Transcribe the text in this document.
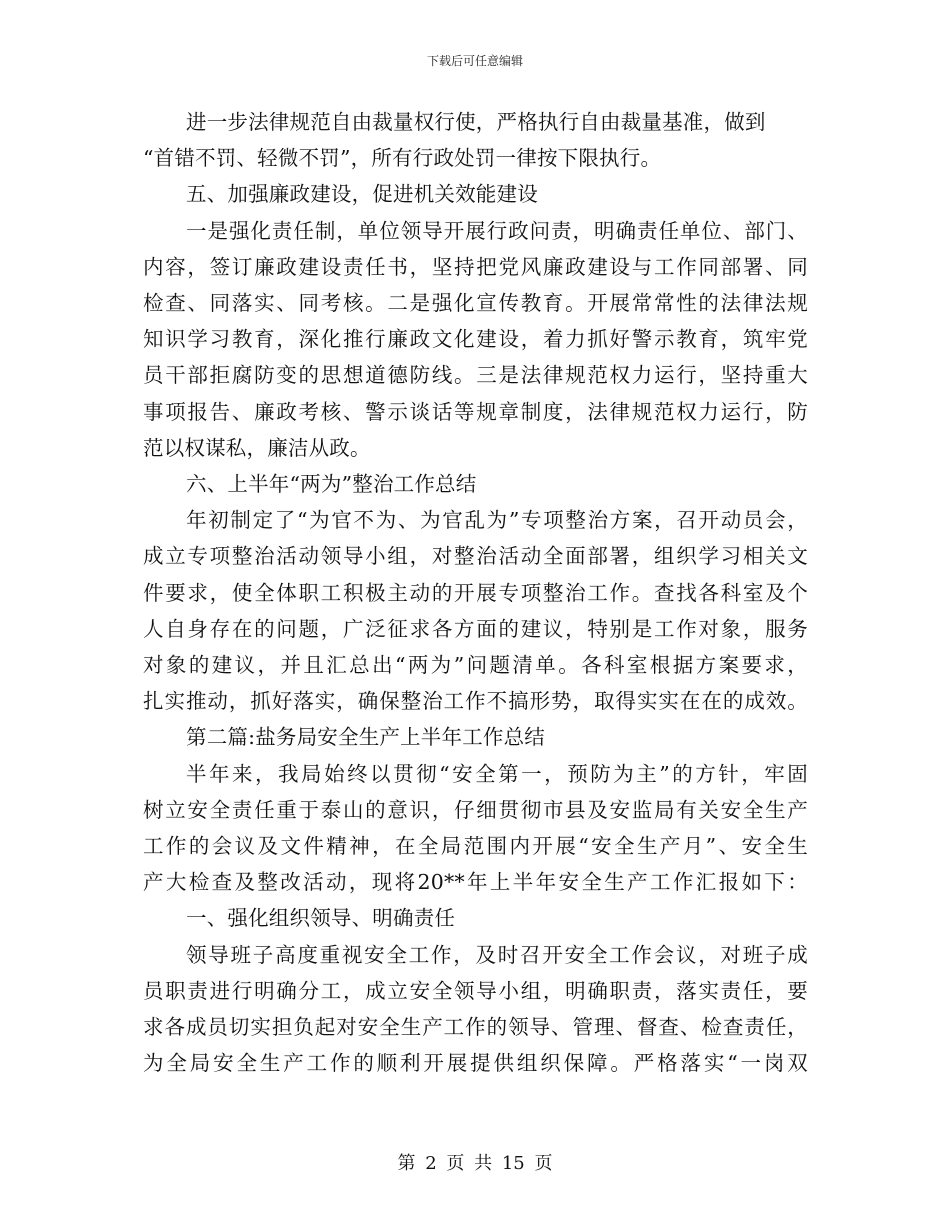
下载后可任意编辑
进一步法律规范自由裁量权行使，严格执行自由裁量基准，做到
“首错不罚、轻微不罚”，所有行政处罚一律按下限执行。
五、加强廉政建设，促进机关效能建设
一是强化责任制，单位领导开展行政问责，明确责任单位、部门、
内容，签订廉政建设责任书，坚持把党风廉政建设与工作同部署、同
检查、同落实、同考核。二是强化宣传教育。开展常常性的法律法规
知识学习教育，深化推行廉政文化建设，着力抓好警示教育，筑牢党
员干部拒腐防变的思想道德防线。三是法律规范权力运行，坚持重大
事项报告、廉政考核、警示谈话等规章制度，法律规范权力运行，防
范以权谋私，廉洁从政。
六、上半年“两为”整治工作总结
年初制定了“为官不为、为官乱为”专项整治方案，召开动员会，
成立专项整治活动领导小组，对整治活动全面部署，组织学习相关文
件要求，使全体职工积极主动的开展专项整治工作。查找各科室及个
人自身存在的问题，广泛征求各方面的建议，特别是工作对象，服务
对象的建议，并且汇总出“两为”问题清单。各科室根据方案要求，
扎实推动，抓好落实，确保整治工作不搞形势，取得实实在在的成效。
第二篇:盐务局安全生产上半年工作总结
半年来，我局始终以贯彻“安全第一，预防为主”的方针，牢固
树立安全责任重于泰山的意识，仔细贯彻市县及安监局有关安全生产
工作的会议及文件精神，在全局范围内开展“安全生产月”、安全生
产大检查及整改活动，现将20**年上半年安全生产工作汇报如下：
一、强化组织领导、明确责任
领导班子高度重视安全工作，及时召开安全工作会议，对班子成
员职责进行明确分工，成立安全领导小组，明确职责，落实责任，要
求各成员切实担负起对安全生产工作的领导、管理、督查、检查责任，
为全局安全生产工作的顺利开展提供组织保障。严格落实“一岗双
第 2 页 共 15 页
